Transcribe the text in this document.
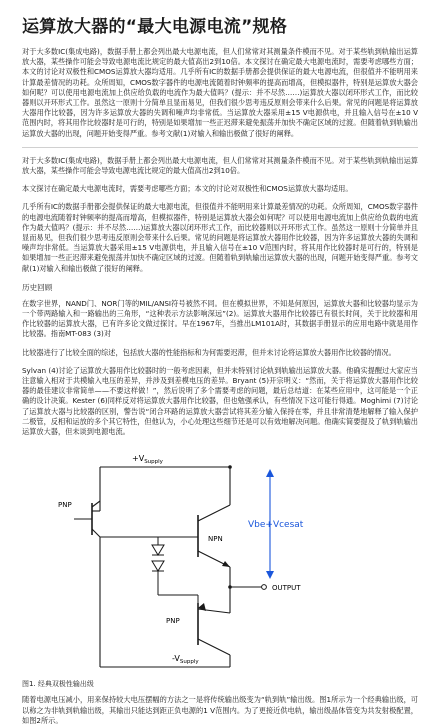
运算放大器的“最大电源电流”规格

对于大多数IC(集成电路)，数据手册上都会列出最大电源电流，但人们常常对其测量条件模而不见。对于某些轨到轨输出运算放大器，某些操作可能会导致电源电流比规定的最大值高出2到10倍。本文探讨在确定最大电源电流时，需要考虑哪些方面；本文的讨论对双极性和CMOS运算放大器均适用。几乎所有IC的数据手册都会提供保证的最大电源电流，但很值并不能明用来计算最差情况的功耗。众所周知，CMOS数字器件的电源电流随着时钟频率的提高而增高，但模拟器件，特别是运算放大器会如何呢？可以使用电源电流加上供应给负载的电流作为最大值吗？(提示：并不尽然……)运算放大器以闭环形式工作，而比较器则以开环形式工作。虽然这一原则十分简单且显而易见，但我们很少思考违反原则会带来什么后果。常见的问题是将运算放大器用作比较器，因为许多运算放大器的失调和噪声均非常低。当运算放大器采用±15 V电源供电，并且输入信号在±10 V范围内时，将其用作比较器时是可行的，特别是如果增加一些正迟滞来避免振荡并加快不确定区域的过渡。但随着轨到轨输出运算放大器的出现，问题开始变得严重。参考文献(1)对输入和输出极做了很好的阐释。

对于大多数IC(集成电路)，数据手册上都会列出最大电源电流，但人们常常对其测量条件模而不见。对于某些轨到轨输出运算放大器，某些操作可能会导致电源电流比规定的最大值高出2到10倍。

本文探讨在确定最大电源电流时，需要考虑哪些方面；本文的讨论对双极性和CMOS运算放大器均适用。

几乎所有IC的数据手册都会提供保证的最大电源电流，但很值并不能明用来计算最差情况的功耗。众所周知，CMOS数字器件的电源电流随着时钟频率的提高而增高，但模拟器件，特别是运算放大器会如何呢？可以使用电源电流加上供应给负载的电流作为最大值吗？(提示：并不尽然……)运算放大器以闭环形式工作，而比较器则以开环形式工作。虽然这一原则十分简单并且显而易见，但我们很少思考违反原则会带来什么后果。常见的问题是将运算放大器用作比较器，因为许多运算放大器的失调和噪声均非常低。当运算放大器采用±15 V电源供电，并且输入信号在±10 V范围内时，将其用作比较器时是可行的，特别是如果增加一些正迟滞来避免振荡并加快不确定区域的过渡。但随着轨到轨输出运算放大器的出现，问题开始变得严重。参考文献(1)对输入和输出极做了很好的阐释。

历史回顾

在数字世界，NAND门、NOR门等的MIL/ANSI符号被然不同。但在模拟世界，不知是何原因，运算放大器和比较器均显示为一个带两路输入和一路输出的三角形，“这种表示方法影响深远”(2)。运算放大器用作比较器已有很长时间，关于比较器和用作比较器的运算放大器，已有许多论文做过探讨。早在1967年，当推出LM101A时，其数据手册显示的应用电路中就是用作比较器。指南MT-083 (3)对

比较器进行了比较全面的综述，包括放大器的性能指标和为何需要迟滞，但并未讨论将运算放大器用作比较器的情况。

Sylvan (4)讨论了运算放大器用作比较器时的一般考虑因素，但并未特别讨论轨到轨输出运算放大器。他确实提醒过大家应当注意输入相对于共模输入电压的差异，并涉及到差模电压的差异。Bryant (5)开宗明义：“然而，关于将运算放大器用作比较器的最佳建议非常简单——不要这样做！”，然后说明了多个需要考虑的问题，最后总结道：在某些应用中，这可能是一个正确的设计决策。Kester (6)同样反对将运算放大器用作比较器，但也勉强承认，有些情况下这可能行得通。Moghimi (7)讨论了运算放大器与比较器的区别，警告说“闭合环路的运算放大器尝试将其差分输入保持在零，并且非常清楚地解释了输入保护二极管，反相和运放的多个其它特性，但他认为，小心处理这些细节还是可以有效地解决问题。他确实简要提及了轨到轨输出运算放大器，但未谈到电源电流。

$+V_{Supply}$
PNP
NPN
OUTPUT
PNP
$-V_{Supply}$
Vbe+Vcesat
图1. 经典双极性输出级

随着电源电压减小，用来保持较大电压摆幅的方法之一是将传统输出级变为“轨到轨”输出级。图1所示为一个经典输出级，可以称之为非轨到轨输出级，其输出只能达到距正负电源的1 V范围内。为了更接近供电轨，输出级晶体管变为共发射极配置，如图2所示。
